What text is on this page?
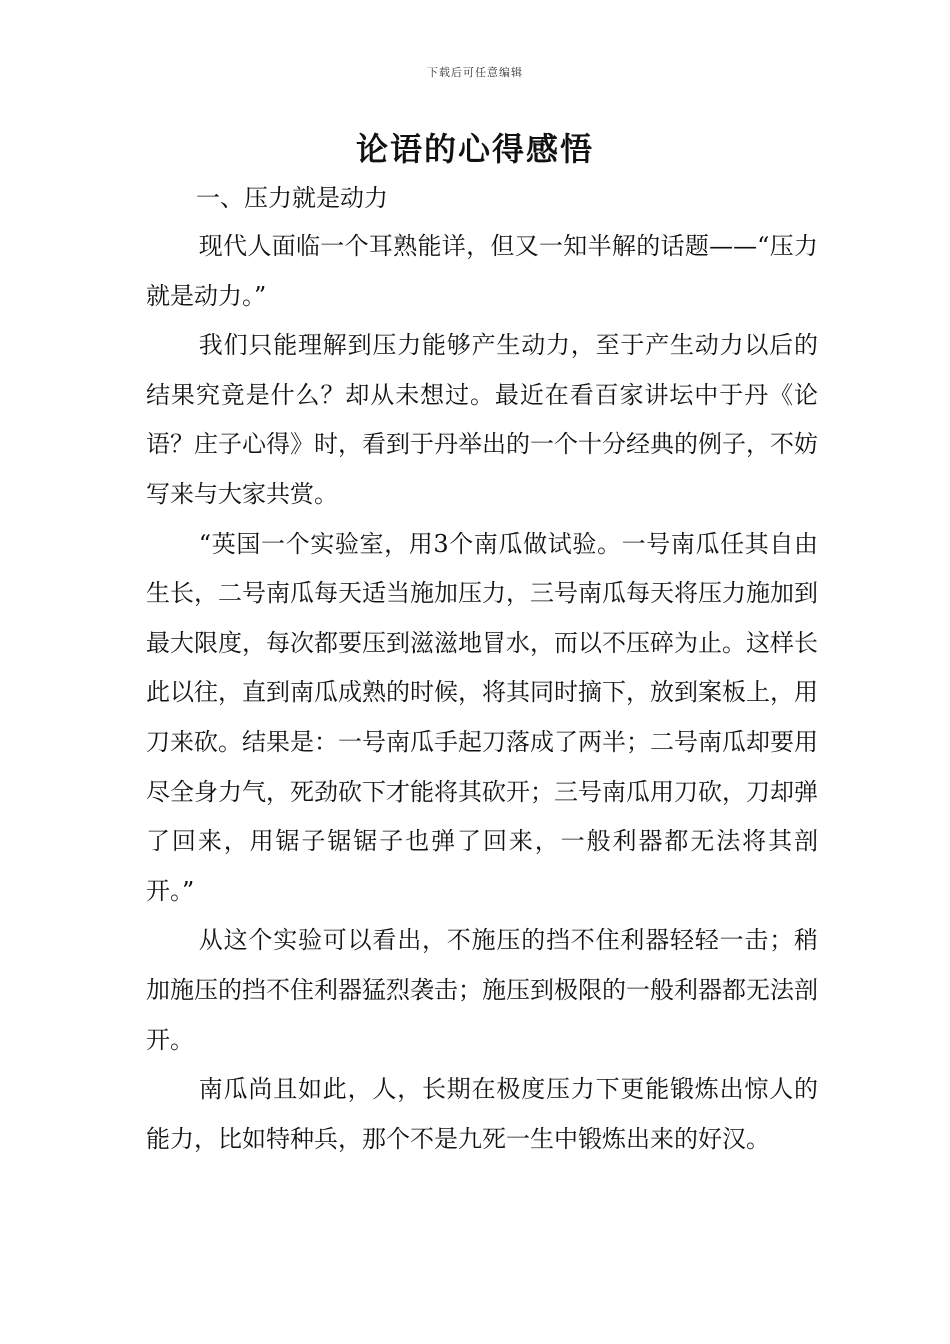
下载后可任意编辑
论语的心得感悟
一、压力就是动力

现代人面临一个耳熟能详，但又一知半解的话题——“压力就是动力。”

我们只能理解到压力能够产生动力，至于产生动力以后的结果究竟是什么？却从未想过。最近在看百家讲坛中于丹《论语？庄子心得》时，看到于丹举出的一个十分经典的例子，不妨写来与大家共赏。

“英国一个实验室，用3个南瓜做试验。一号南瓜任其自由生长，二号南瓜每天适当施加压力，三号南瓜每天将压力施加到最大限度，每次都要压到滋滋地冒水，而以不压碎为止。这样长此以往，直到南瓜成熟的时候，将其同时摘下，放到案板上，用刀来砍。结果是：一号南瓜手起刀落成了两半；二号南瓜却要用尽全身力气，死劲砍下才能将其砍开；三号南瓜用刀砍，刀却弹了回来，用锯子锯锯子也弹了回来，一般利器都无法将其剖开。”

从这个实验可以看出，不施压的挡不住利器轻轻一击；稍加施压的挡不住利器猛烈袭击；施压到极限的一般利器都无法剖开。

南瓜尚且如此，人，长期在极度压力下更能锻炼出惊人的能力，比如特种兵，那个不是九死一生中锻炼出来的好汉。
